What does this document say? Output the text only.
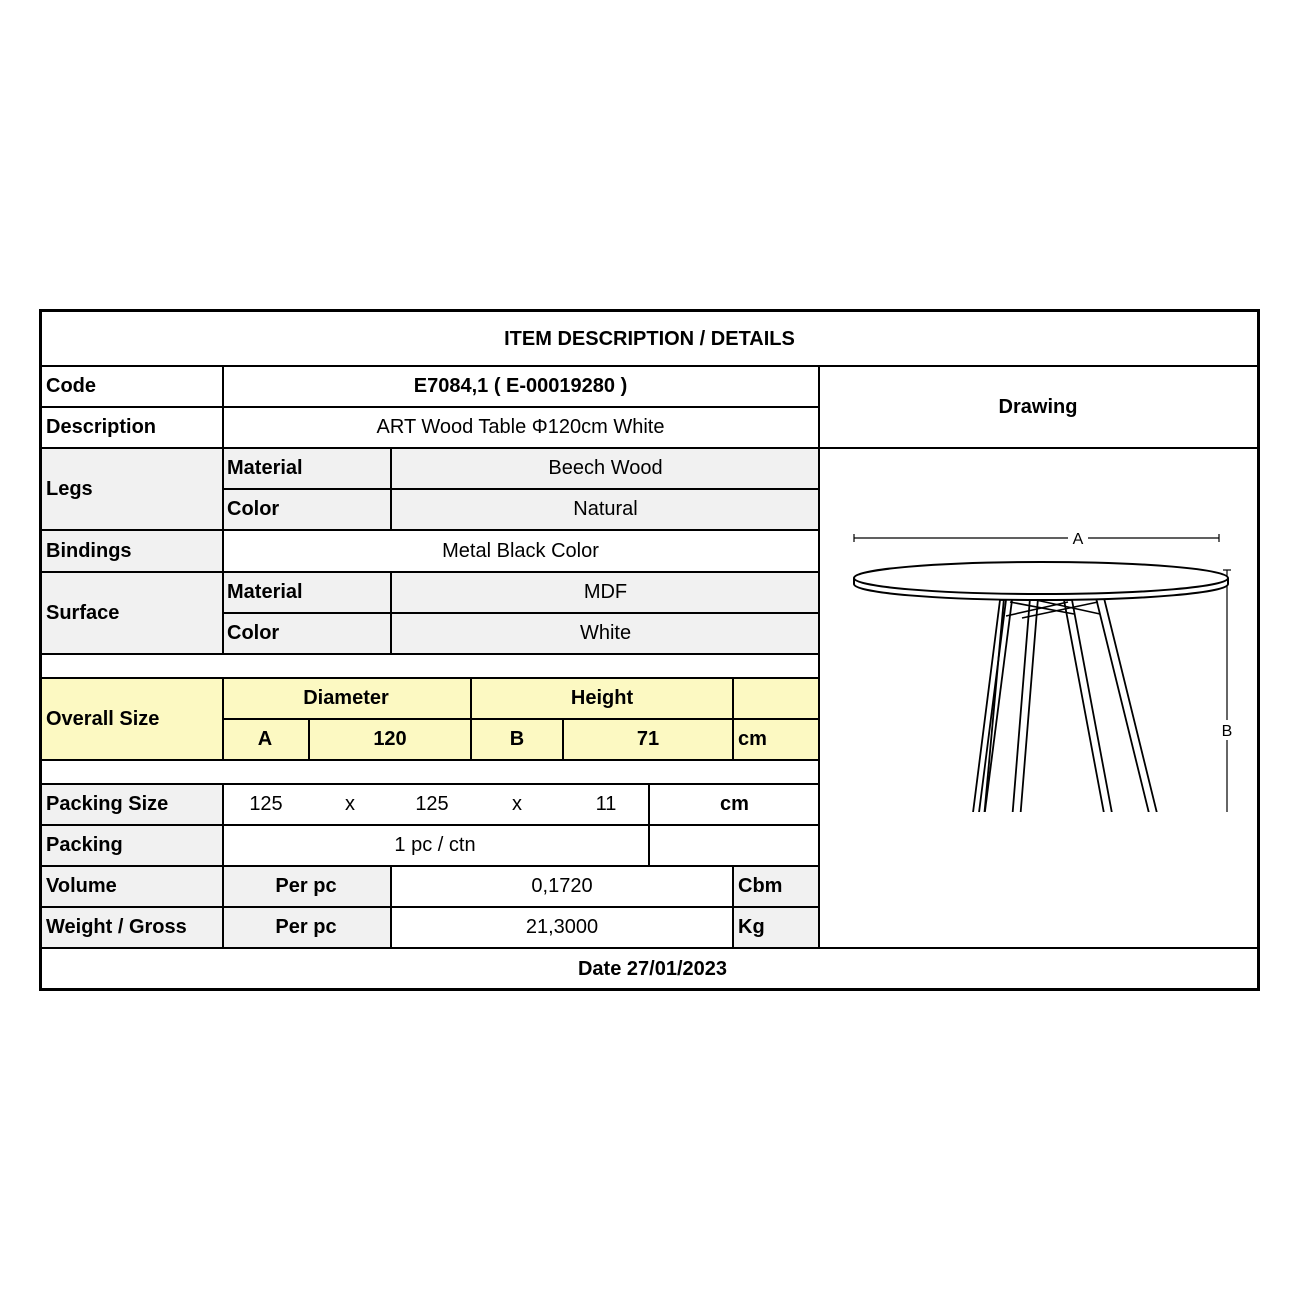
ITEM DESCRIPTION / DETAILS
Code	E7084,1 ( E-00019280 )
Description	ART Wood Table Φ120cm White
Drawing
Legs
Material	Beech Wood
Color	Natural
Bindings	Metal Black Color
Surface
Material	MDF
Color	White
Overall Size
Diameter	Height
A	120	B	71	cm
Packing Size	125	x	125	x	11	cm
Packing	1 pc / ctn
Volume	Per pc	0,1720	Cbm
Weight / Gross	Per pc	21,3000	Kg
Date 27/01/2023
A
B
